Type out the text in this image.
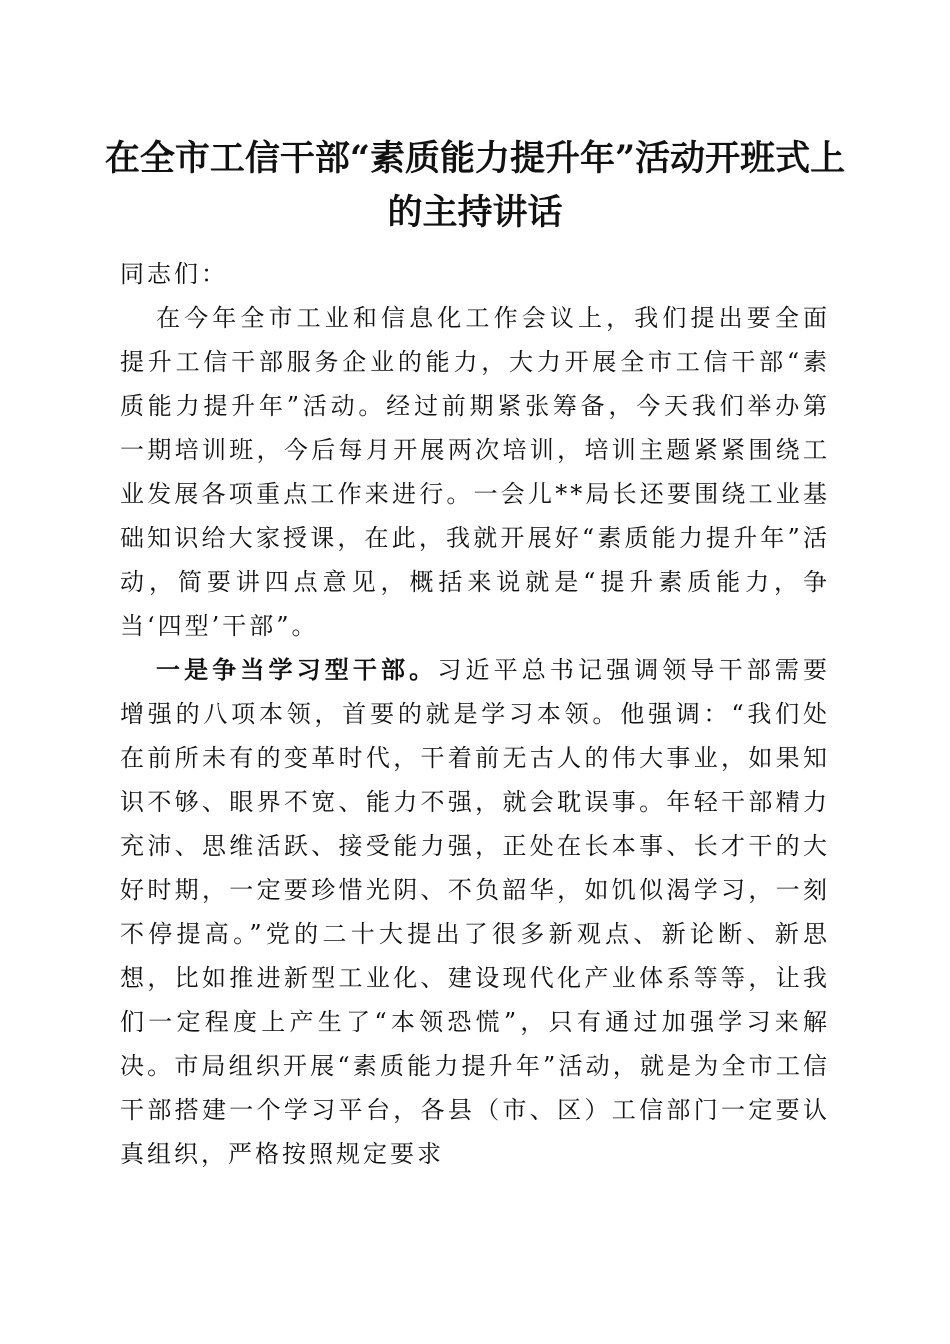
在全市工信干部“素质能力提升年”活动开班式上的主持讲话

同志们：

在今年全市工业和信息化工作会议上，我们提出要全面提升工信干部服务企业的能力，大力开展全市工信干部“素质能力提升年”活动。经过前期紧张筹备，今天我们举办第一期培训班，今后每月开展两次培训，培训主题紧紧围绕工业发展各项重点工作来进行。一会儿**局长还要围绕工业基础知识给大家授课，在此，我就开展好“素质能力提升年”活动，简要讲四点意见，概括来说就是“提升素质能力，争当‘四型’干部”。

一是争当学习型干部。习近平总书记强调领导干部需要增强的八项本领，首要的就是学习本领。他强调：“我们处在前所未有的变革时代，干着前无古人的伟大事业，如果知识不够、眼界不宽、能力不强，就会耽误事。年轻干部精力充沛、思维活跃、接受能力强，正处在长本事、长才干的大好时期，一定要珍惜光阴、不负韶华，如饥似渴学习，一刻不停提高。”党的二十大提出了很多新观点、新论断、新思想，比如推进新型工业化、建设现代化产业体系等等，让我们一定程度上产生了“本领恐慌”，只有通过加强学习来解决。市局组织开展“素质能力提升年”活动，就是为全市工信干部搭建一个学习平台，各县（市、区）工信部门一定要认真组织，严格按照规定要求
